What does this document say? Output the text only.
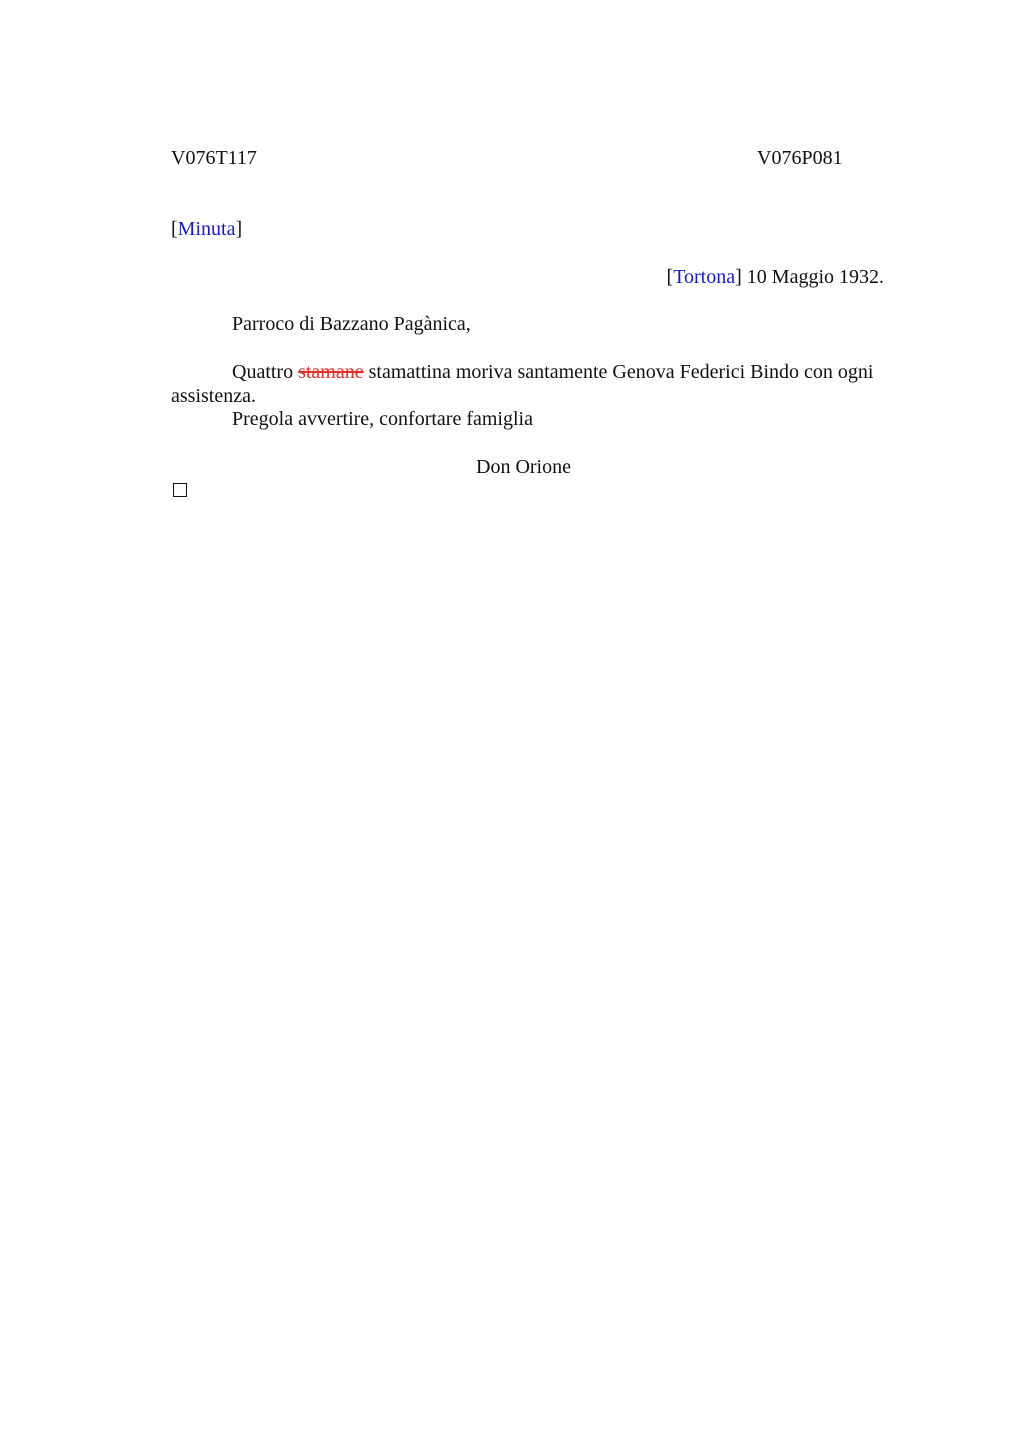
V076T117	V076P081
[Minuta]
[Tortona] 10 Maggio 1932.
Parroco di Bazzano Pagànica,
Quattro stamane stamattina moriva santamente Genova Federici Bindo con ogni assistenza.
Pregola avvertire, confortare famiglia
Don Orione
